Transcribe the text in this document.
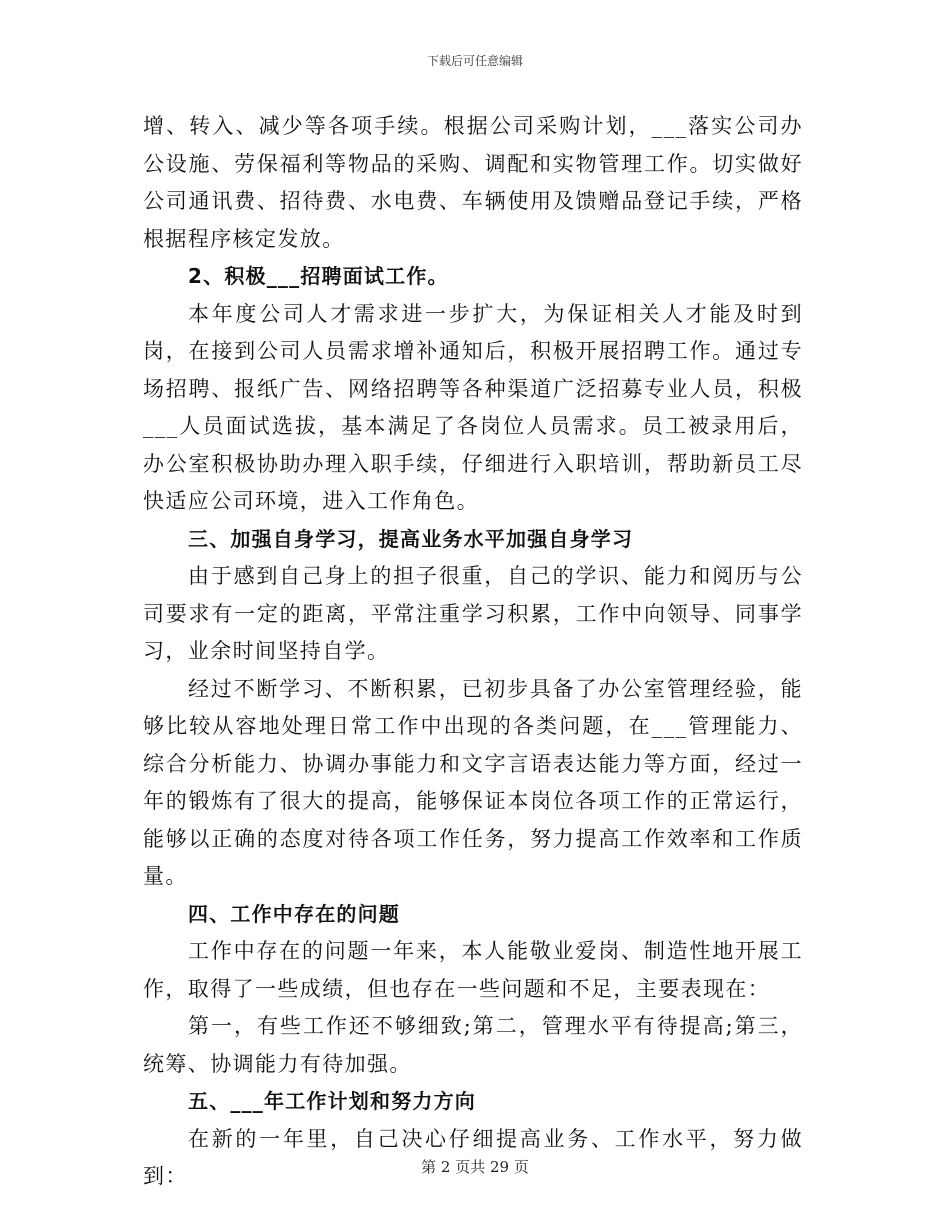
下载后可任意编辑

增、转入、减少等各项手续。根据公司采购计划，___落实公司办公设施、劳保福利等物品的采购、调配和实物管理工作。切实做好公司通讯费、招待费、水电费、车辆使用及馈赠品登记手续，严格根据程序核定发放。

2、积极___招聘面试工作。

本年度公司人才需求进一步扩大，为保证相关人才能及时到岗，在接到公司人员需求增补通知后，积极开展招聘工作。通过专场招聘、报纸广告、网络招聘等各种渠道广泛招募专业人员，积极___人员面试选拔，基本满足了各岗位人员需求。员工被录用后，办公室积极协助办理入职手续，仔细进行入职培训，帮助新员工尽快适应公司环境，进入工作角色。

三、加强自身学习，提高业务水平加强自身学习

由于感到自己身上的担子很重，自己的学识、能力和阅历与公司要求有一定的距离，平常注重学习积累，工作中向领导、同事学习，业余时间坚持自学。

经过不断学习、不断积累，已初步具备了办公室管理经验，能够比较从容地处理日常工作中出现的各类问题，在___管理能力、综合分析能力、协调办事能力和文字言语表达能力等方面，经过一年的锻炼有了很大的提高，能够保证本岗位各项工作的正常运行，能够以正确的态度对待各项工作任务，努力提高工作效率和工作质量。

四、工作中存在的问题

工作中存在的问题一年来，本人能敬业爱岗、制造性地开展工作，取得了一些成绩，但也存在一些问题和不足，主要表现在：

第一，有些工作还不够细致;第二，管理水平有待提高;第三，统筹、协调能力有待加强。

五、___年工作计划和努力方向

在新的一年里，自己决心仔细提高业务、工作水平，努力做到：	第 2 页共 29 页
